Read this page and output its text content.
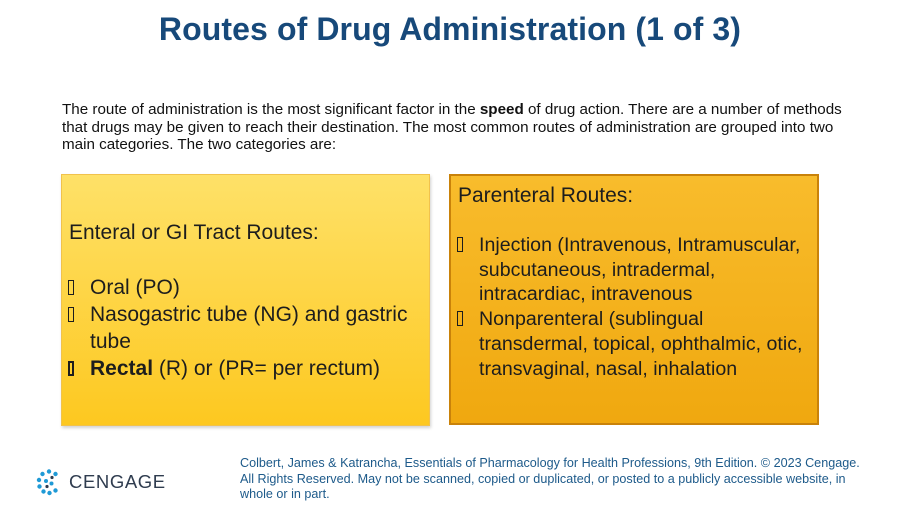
Routes of Drug Administration (1 of 3)
The route of administration is the most significant factor in the speed of drug action. There are a number of methods that drugs may be given to reach their destination. The most common routes of administration are grouped into two main categories. The two categories are:
Enteral or GI Tract Routes:
Oral (PO)
Nasogastric tube (NG) and gastric tube
Rectal (R) or (PR= per rectum)
Parenteral Routes:
Injection (Intravenous, Intramuscular, subcutaneous, intradermal, intracardiac, intravenous
Nonparenteral (sublingual transdermal, topical, ophthalmic, otic, transvaginal, nasal, inhalation
CENGAGE
Colbert, James & Katrancha, Essentials of Pharmacology for Health Professions, 9th Edition. © 2023 Cengage. All Rights Reserved. May not be scanned, copied or duplicated, or posted to a publicly accessible website, in whole or in part.
